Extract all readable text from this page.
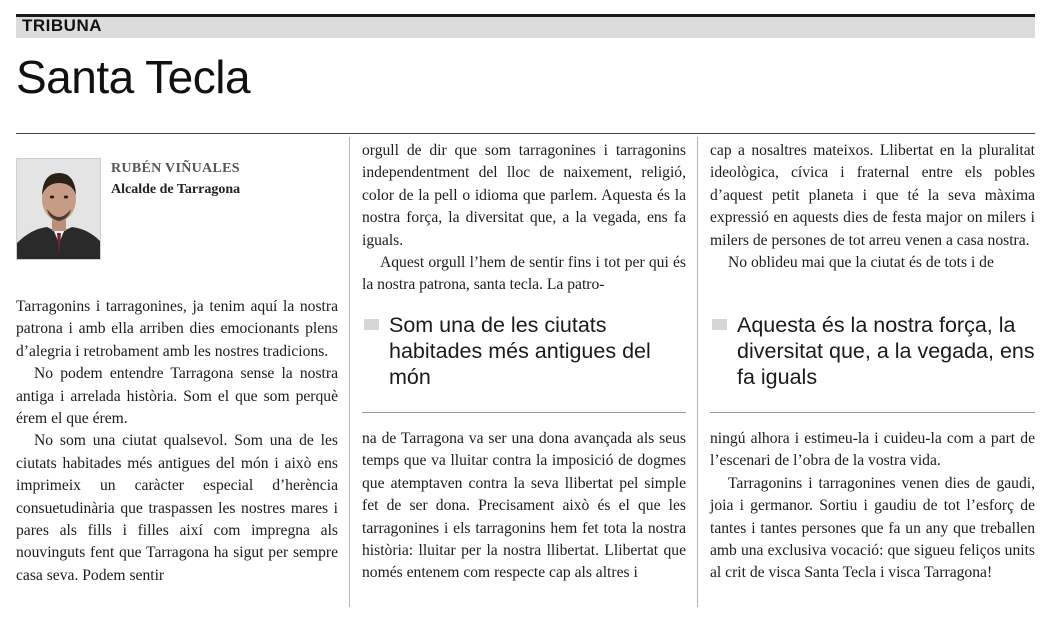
TRIBUNA
Santa Tecla
RUBÉN VIÑUALES
Alcalde de Tarragona

Tarragonins i tarragonines, ja tenim aquí la nostra patrona i amb ella arriben dies emocionants plens d’alegria i retrobament amb les nostres tradicions.

No podem entendre Tarragona sense la nostra antiga i arrelada història. Som el que som perquè érem el que érem.

No som una ciutat qualsevol. Som una de les ciutats habitades més antigues del món i això ens imprimeix un caràcter especial d’herència consuetudinària que traspassen les nostres mares i pares als fills i filles així com impregna als nouvinguts fent que Tarragona ha sigut per sempre casa seva. Podem sentir

orgull de dir que som tarragonines i tarragonins independentment del lloc de naixement, religió, color de la pell o idioma que parlem. Aquesta és la nostra força, la diversitat que, a la vegada, ens fa iguals.

Aquest orgull l’hem de sentir fins i tot per qui és la nostra patrona, santa tecla. La patro-

Som una de les ciutats habitades més antigues del món

na de Tarragona va ser una dona avançada als seus temps que va lluitar contra la imposició de dogmes que atemptaven contra la seva llibertat pel simple fet de ser dona. Precisament això és el que les tarragonines i els tarragonins hem fet tota la nostra història: lluitar per la nostra llibertat. Llibertat que només entenem com respecte cap als altres i

cap a nosaltres mateixos. Llibertat en la pluralitat ideològica, cívica i fraternal entre els pobles d’aquest petit planeta i que té la seva màxima expressió en aquests dies de festa major on milers i milers de persones de tot arreu venen a casa nostra.

No oblideu mai que la ciutat és de tots i de

Aquesta és la nostra força, la diversitat que, a la vegada, ens fa iguals

ningú alhora i estimeu-la i cuideu-la com a part de l’escenari de l’obra de la vostra vida.

Tarragonins i tarragonines venen dies de gaudi, joia i germanor. Sortiu i gaudiu de tot l’esforç de tantes i tantes persones que fa un any que treballen amb una exclusiva vocació: que sigueu feliços units al crit de visca Santa Tecla i visca Tarragona!
